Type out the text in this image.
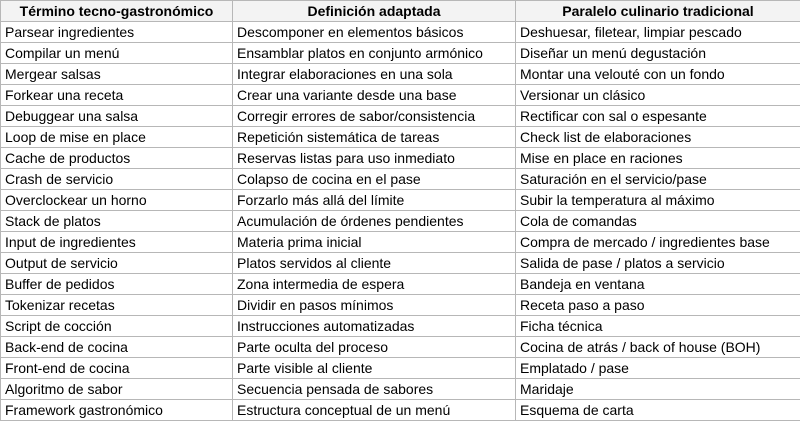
Término tecno-gastronómico	Definición adaptada	Paralelo culinario tradicional
Parsear ingredientes	Descomponer en elementos básicos	Deshuesar, filetear, limpiar pescado
Compilar un menú	Ensamblar platos en conjunto armónico	Diseñar un menú degustación
Mergear salsas	Integrar elaboraciones en una sola	Montar una velouté con un fondo
Forkear una receta	Crear una variante desde una base	Versionar un clásico
Debuggear una salsa	Corregir errores de sabor/consistencia	Rectificar con sal o espesante
Loop de mise en place	Repetición sistemática de tareas	Check list de elaboraciones
Cache de productos	Reservas listas para uso inmediato	Mise en place en raciones
Crash de servicio	Colapso de cocina en el pase	Saturación en el servicio/pase
Overclockear un horno	Forzarlo más allá del límite	Subir la temperatura al máximo
Stack de platos	Acumulación de órdenes pendientes	Cola de comandas
Input de ingredientes	Materia prima inicial	Compra de mercado / ingredientes base
Output de servicio	Platos servidos al cliente	Salida de pase / platos a servicio
Buffer de pedidos	Zona intermedia de espera	Bandeja en ventana
Tokenizar recetas	Dividir en pasos mínimos	Receta paso a paso
Script de cocción	Instrucciones automatizadas	Ficha técnica
Back-end de cocina	Parte oculta del proceso	Cocina de atrás / back of house (BOH)
Front-end de cocina	Parte visible al cliente	Emplatado / pase
Algoritmo de sabor	Secuencia pensada de sabores	Maridaje
Framework gastronómico	Estructura conceptual de un menú	Esquema de carta
